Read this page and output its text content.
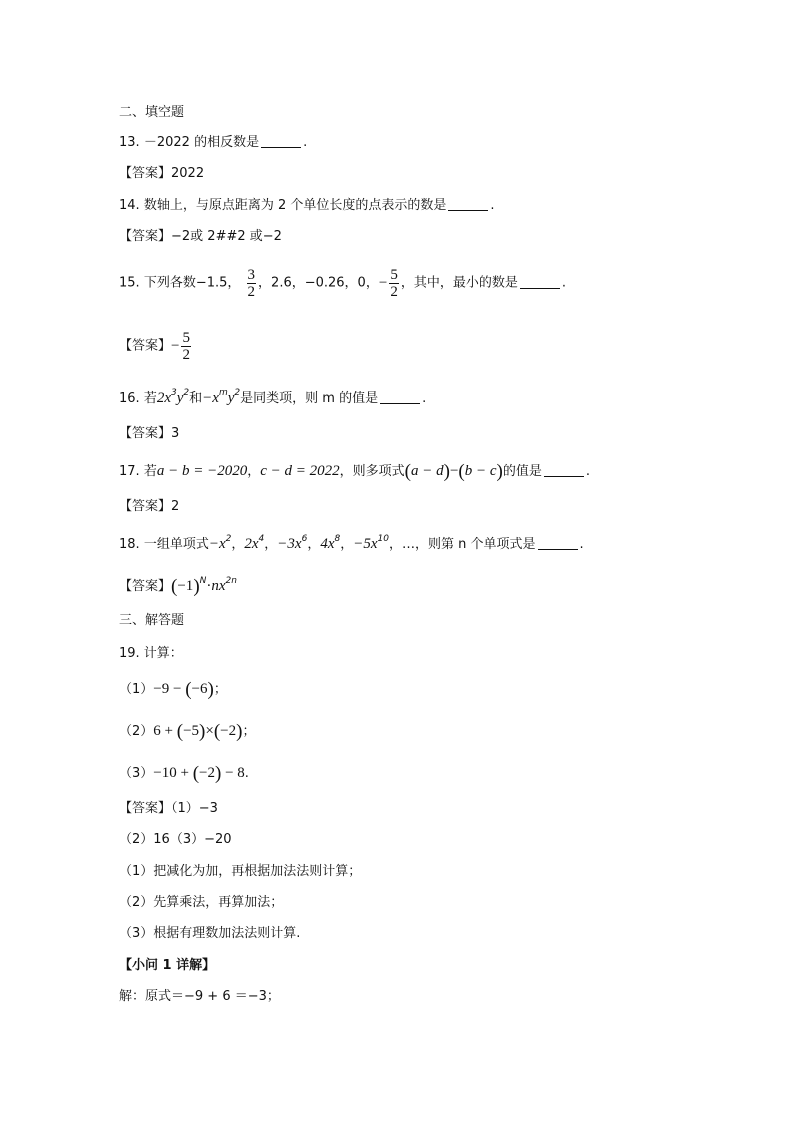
二、填空题
13. －2022 的相反数是	.
【答案】2022
14. 数轴上，与原点距离为 2 个单位长度的点表示的数是	.
【答案】−2或 2##2 或−2
15. 下列各数−1.5， $\frac{3}{2}$ ，2.6，−0.26，0，− $\frac{5}{2}$ ，其中，最小的数是	.
【答案】− $\frac{5}{2}$
16. 若$2x^3y^2$和$-x^my^2$是同类项，则 m 的值是	.
【答案】3
17. 若a − b = −2020，c − d = 2022，则多项式(a − d)−(b − c)的值是	.
【答案】2
18. 一组单项式$-x^2$，$2x^4$，$-3x^6$，$4x^8$，$-5x^{10}$，…，则第 n 个单项式是	.
【答案】$(-1)^N\cdot nx^{2n}$
三、解答题
19. 计算：
（1）−9 − (−6)；
（2）6 + (−5)×(−2)；
（3）−10 + (−2) − 8.
【答案】（1）−3
（2）16（3）−20
（1）把减化为加，再根据加法法则计算；
（2）先算乘法，再算加法；
（3）根据有理数加法法则计算.
【小问 1 详解】
解：原式＝−9 + 6 ＝−3；
